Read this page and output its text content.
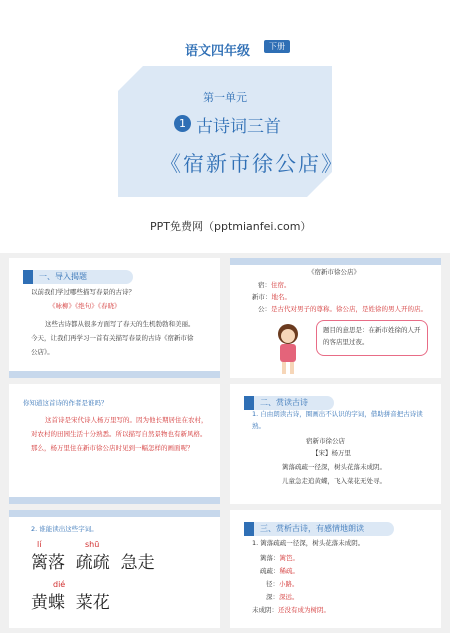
语文四年级	下册
第一单元
1 古诗词三首
《宿新市徐公店》
PPT免费网（pptmianfei.com）
一、导入揭题
以前我们学过哪些描写春景的古诗？
《咏柳》《绝句》《春晓》
这些古诗都从很多方面写了春天的生机勃勃和美丽。今天，让我们再学习一首有关描写春景的古诗《宿新市徐公店》。
《宿新市徐公店》
宿：住宿。
新市：地名。
公：是古代对男子的尊称。徐公店，是姓徐的男人开的店。
题目的意思是：在新市姓徐的人开的客店里过夜。
你知道这首诗的作者是谁吗？
这首诗是宋代诗人杨万里写的。因为他长期居住在农村，对农村的田园生活十分熟悉。所以描写自然景物也有新风格。那么，杨万里住在新市徐公店时见到一幅怎样的画面呢？
二、赏读古诗
1. 自由朗读古诗，圈画出不认识的字词，借助拼音把古诗读熟。
宿新市徐公店
【宋】杨万里
篱落疏疏一径深，树头花落未成阴。
儿童急走追黄蝶，飞入菜花无处寻。
2. 谁能读出这些字词。
lí	shū
篱落  疏疏  急走
dié
黄蝶  菜花
三、赏析古诗，有感情地朗读
1. 篱落疏疏一径深，树头花落未成阴。
篱落：篱笆。
疏疏：稀疏。
径：小路。
深：深远。
未成阴：还没有成为树阴。
